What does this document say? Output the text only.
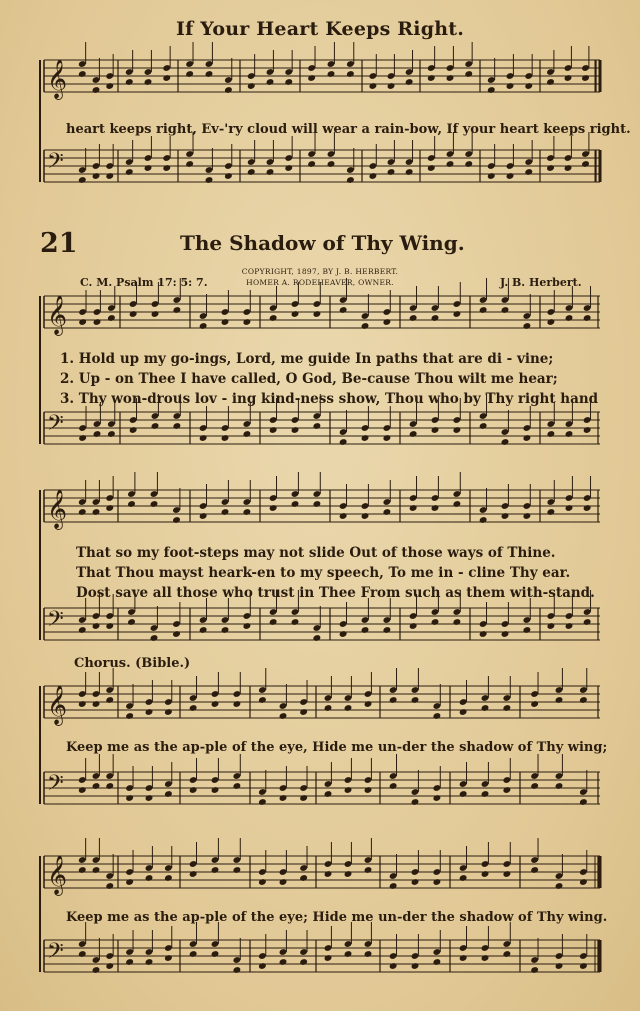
If Your Heart Keeps Right.
𝄞
𝄢
𝄞
𝄢
𝄞
𝄢
𝄞
𝄢
𝄞
𝄢
heart keeps right, Ev-'ry cloud will wear a rain-bow, If your heart keeps right.
21	The Shadow of Thy Wing.
C. M. Psalm 17: 5: 7.
COPYRIGHT, 1897, BY J. B. HERBERT.
HOMER A. RODEHEAVER, OWNER.	J. B. Herbert.
1. Hold up my go-ings, Lord, me guide In paths that are di - vine;
2. Up - on Thee I have called, O God, Be-cause Thou wilt me hear;
3. Thy won-drous lov - ing kind-ness show, Thou who by Thy right hand
That so my foot-steps may not slide Out of those ways of Thine.
That Thou mayst heark-en to my speech, To me in - cline Thy ear.
Dost save all those who trust in Thee From such as them with-stand.
Chorus. (Bible.)
Keep me as the ap-ple of the eye, Hide me un-der the shadow of Thy wing;
Keep me as the ap-ple of the eye; Hide me un-der the shadow of Thy wing.
